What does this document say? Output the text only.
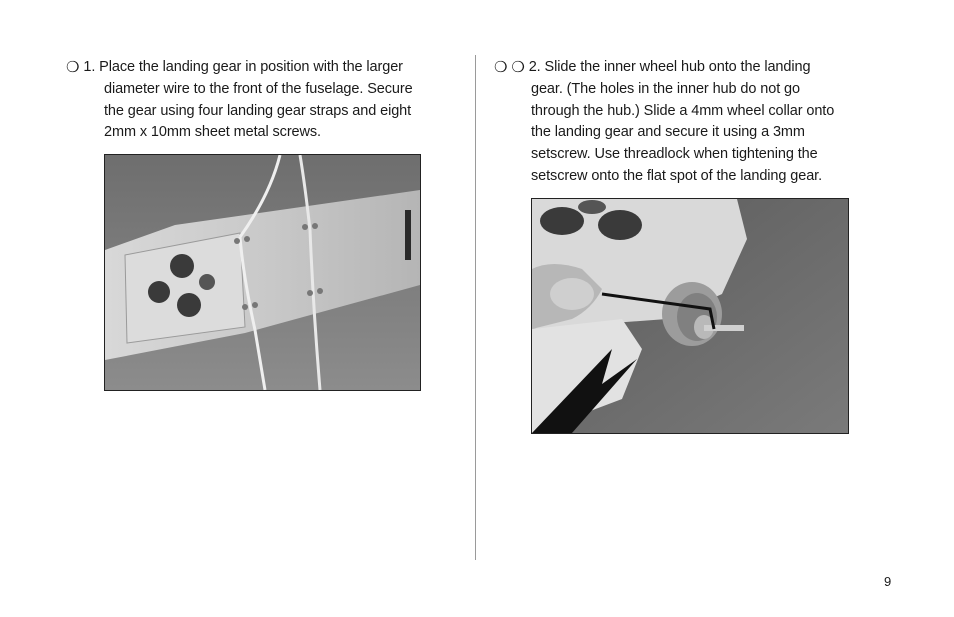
❍ 1. Place the landing gear in position with the larger
diameter wire to the front of the fuselage. Secure
the gear using four landing gear straps and eight
2mm x 10mm sheet metal screws.
❍ ❍ 2. Slide the inner wheel hub onto the landing
gear. (The holes in the inner hub do not go
through the hub.) Slide a 4mm wheel collar onto
the landing gear and secure it using a 3mm
setscrew. Use threadlock when tightening the
setscrew onto the flat spot of the landing gear.
9
